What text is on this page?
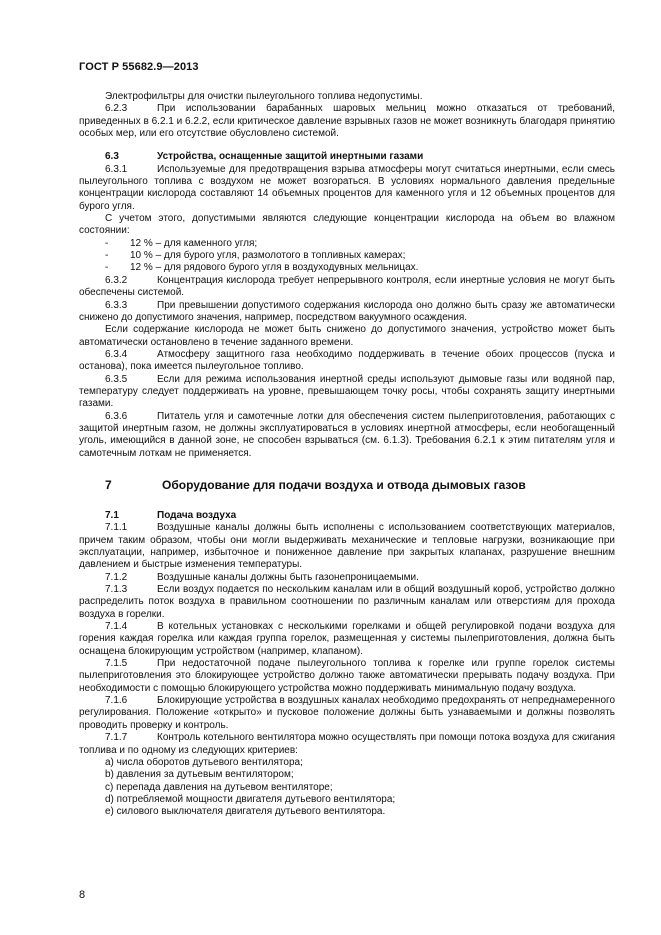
ГОСТ Р 55682.9—2013

Электрофильтры для очистки пылеугольного топлива недопустимы.

6.2.3	При использовании барабанных шаровых мельниц можно отказаться от требований, приведенных в 6.2.1 и 6.2.2, если критическое давление взрывных газов не может возникнуть благодаря принятию особых мер, или его отсутствие обусловлено системой.

6.3	Устройства, оснащенные защитой инертными газами

6.3.1	Используемые для предотвращения взрыва атмосферы могут считаться инертными, если смесь пылеугольного топлива с воздухом не может возгораться. В условиях нормального давления предельные концентрации кислорода составляют 14 объемных процентов для каменного угля и 12 объемных процентов для бурого угля.

С учетом этого, допустимыми являются следующие концентрации кислорода на объем во влажном состоянии:

- 12 % – для каменного угля;
- 10 % – для бурого угля, размолотого в топливных камерах;
- 12 % – для рядового бурого угля в воздуходувных мельницах.

6.3.2	Концентрация кислорода требует непрерывного контроля, если инертные условия не могут быть обеспечены системой.

6.3.3	При превышении допустимого содержания кислорода оно должно быть сразу же автоматически снижено до допустимого значения, например, посредством вакуумного осаждения.

Если содержание кислорода не может быть снижено до допустимого значения, устройство может быть автоматически остановлено в течение заданного времени.

6.3.4	Атмосферу защитного газа необходимо поддерживать в течение обоих процессов (пуска и останова), пока имеется пылеугольное топливо.

6.3.5	Если для режима использования инертной среды используют дымовые газы или водяной пар, температуру следует поддерживать на уровне, превышающем точку росы, чтобы сохранять защиту инертными газами.

6.3.6	Питатель угля и самотечные лотки для обеспечения систем пылеприготовления, работающих с защитой инертным газом, не должны эксплуатироваться в условиях инертной атмосферы, если необогащенный уголь, имеющийся в данной зоне, не способен взрываться (см. 6.1.3). Требования 6.2.1 к этим питателям угля и самотечным лоткам не применяется.

7	Оборудование для подачи воздуха и отвода дымовых газов

7.1	Подача воздуха

7.1.1	Воздушные каналы должны быть исполнены с использованием соответствующих материалов, причем таким образом, чтобы они могли выдерживать механические и тепловые нагрузки, возникающие при эксплуатации, например, избыточное и пониженное давление при закрытых клапанах, разрушение внешним давлением и быстрые изменения температуры.

7.1.2	Воздушные каналы должны быть газонепроницаемыми.

7.1.3	Если воздух подается по нескольким каналам или в общий воздушный короб, устройство должно распределить поток воздуха в правильном соотношении по различным каналам или отверстиям для прохода воздуха в горелки.

7.1.4	В котельных установках с несколькими горелками и общей регулировкой подачи воздуха для горения каждая горелка или каждая группа горелок, размещенная у системы пылеприготовления, должна быть оснащена блокирующим устройством (например, клапаном).

7.1.5	При недостаточной подаче пылеугольного топлива к горелке или группе горелок системы пылеприготовления это блокирующее устройство должно также автоматически прерывать подачу воздуха. При необходимости с помощью блокирующего устройства можно поддерживать минимальную подачу воздуха.

7.1.6	Блокирующие устройства в воздушных каналах необходимо предохранять от непреднамеренного регулирования. Положение «открыто» и пусковое положение должны быть узнаваемыми и должны позволять проводить проверку и контроль.

7.1.7	Контроль котельного вентилятора можно осуществлять при помощи потока воздуха для сжигания топлива и по одному из следующих критериев:

a) числа оборотов дутьевого вентилятора;
b) давления за дутьевым вентилятором;
c) перепада давления на дутьевом вентиляторе;
d) потребляемой мощности двигателя дутьевого вентилятора;
e) силового выключателя двигателя дутьевого вентилятора.
8
